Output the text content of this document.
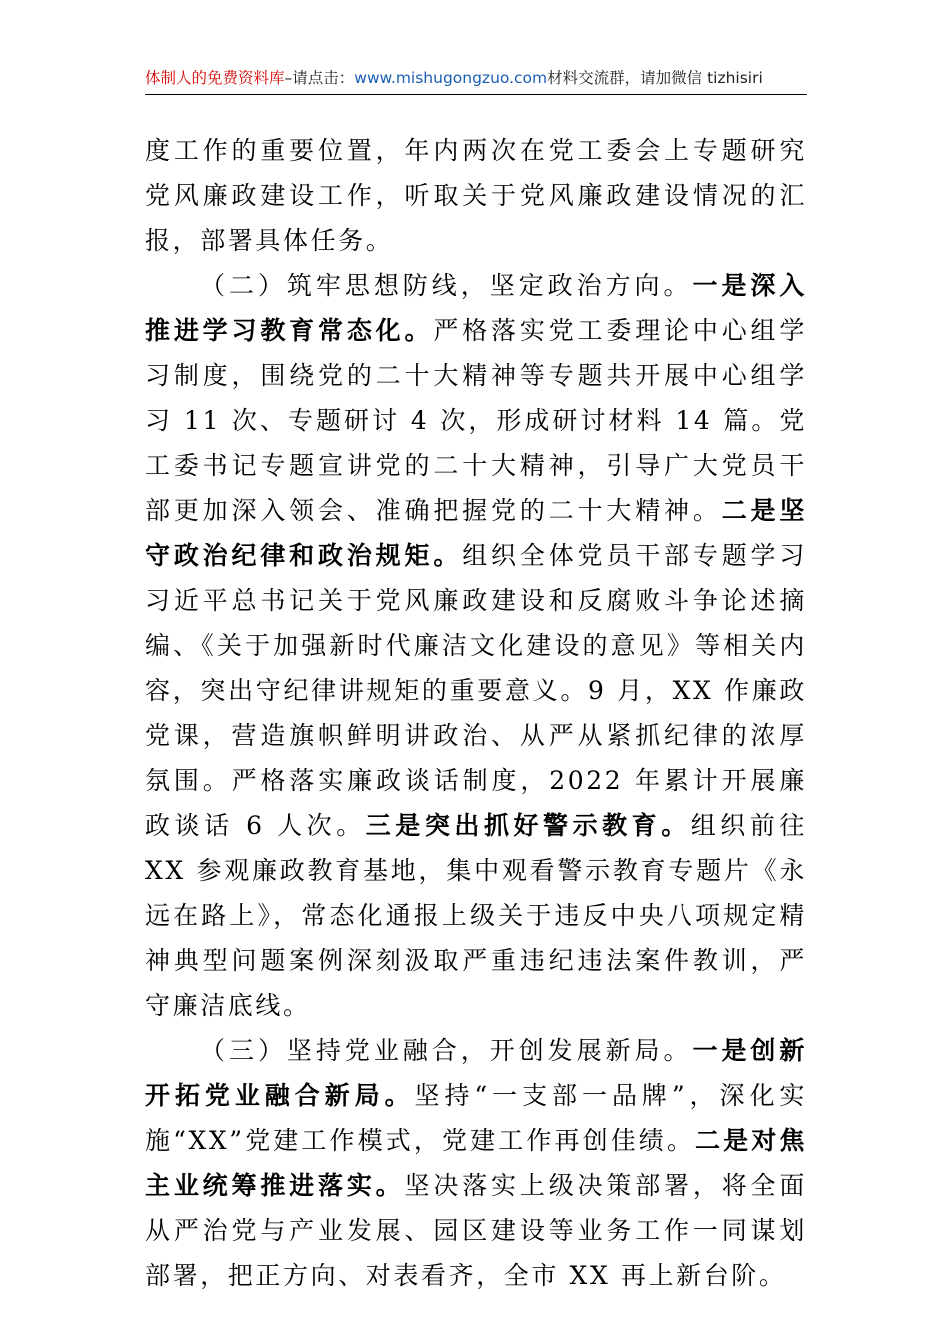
体制人的免费资料库–请点击：www.mishugongzuo.com材料交流群，请加微信 tizhisiri

度工作的重要位置，年内两次在党工委会上专题研究党风廉政建设工作，听取关于党风廉政建设情况的汇报，部署具体任务。

（二）筑牢思想防线，坚定政治方向。一是深入推进学习教育常态化。严格落实党工委理论中心组学习制度，围绕党的二十大精神等专题共开展中心组学习 11 次、专题研讨 4 次，形成研讨材料 14 篇。党工委书记专题宣讲党的二十大精神，引导广大党员干部更加深入领会、准确把握党的二十大精神。二是坚守政治纪律和政治规矩。组织全体党员干部专题学习习近平总书记关于党风廉政建设和反腐败斗争论述摘编、《关于加强新时代廉洁文化建设的意见》等相关内容，突出守纪律讲规矩的重要意义。9 月，XX 作廉政党课，营造旗帜鲜明讲政治、从严从紧抓纪律的浓厚氛围。严格落实廉政谈话制度，2022 年累计开展廉政谈话 6 人次。三是突出抓好警示教育。组织前往 XX 参观廉政教育基地，集中观看警示教育专题片《永远在路上》，常态化通报上级关于违反中央八项规定精神典型问题案例深刻汲取严重违纪违法案件教训，严守廉洁底线。

（三）坚持党业融合，开创发展新局。一是创新开拓党业融合新局。坚持“一支部一品牌”，深化实施“XX”党建工作模式，党建工作再创佳绩。二是对焦主业统筹推进落实。坚决落实上级决策部署，将全面从严治党与产业发展、园区建设等业务工作一同谋划部署，把正方向、对表看齐，全市 XX 再上新台阶。
